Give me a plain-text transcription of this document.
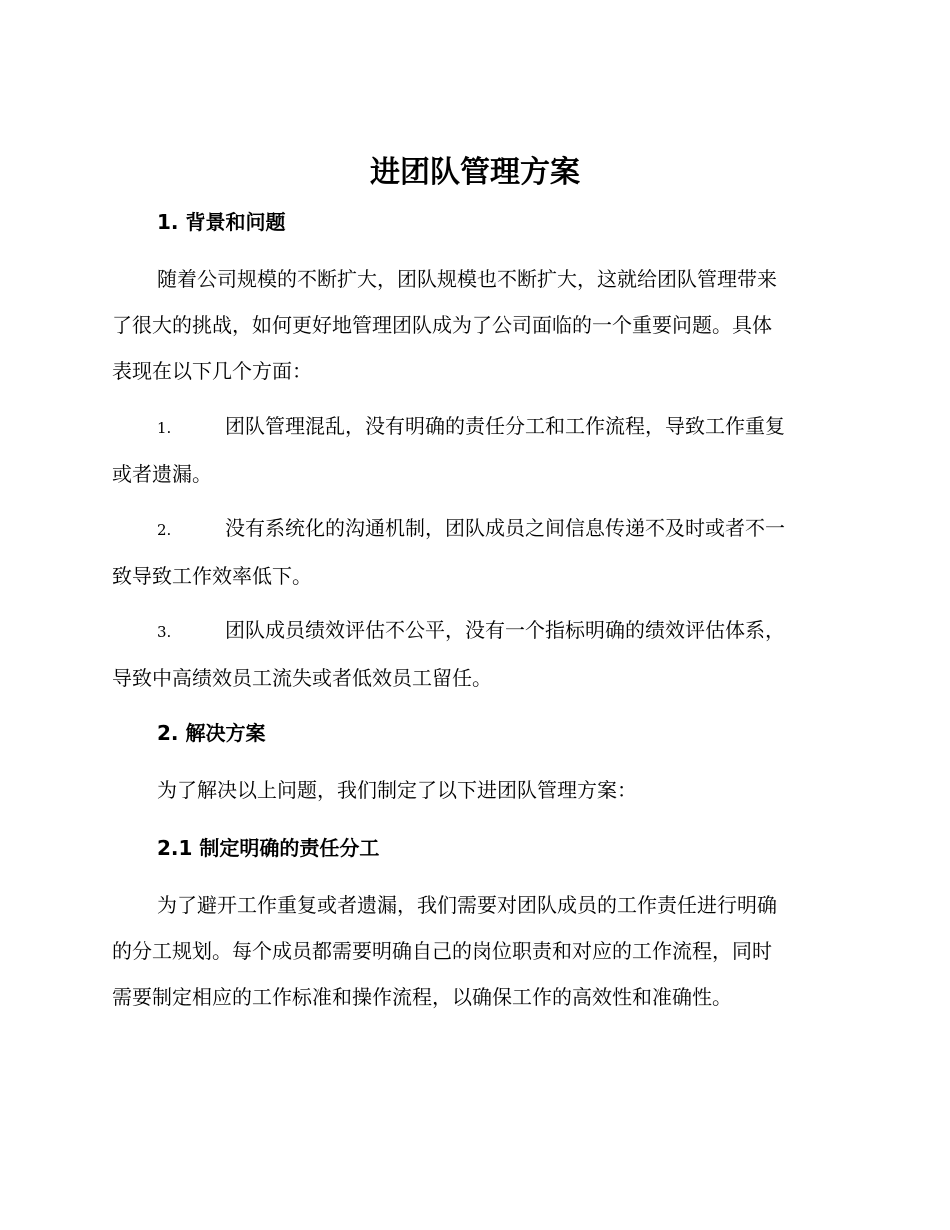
进团队管理方案
1. 背景和问题
随着公司规模的不断扩大，团队规模也不断扩大，这就给团队管理带来
了很大的挑战，如何更好地管理团队成为了公司面临的一个重要问题。具体
表现在以下几个方面：
1.	团队管理混乱，没有明确的责任分工和工作流程，导致工作重复
或者遗漏。
2.	没有系统化的沟通机制，团队成员之间信息传递不及时或者不一
致导致工作效率低下。
3.	团队成员绩效评估不公平，没有一个指标明确的绩效评估体系，
导致中高绩效员工流失或者低效员工留任。
2. 解决方案
为了解决以上问题，我们制定了以下进团队管理方案：
2.1 制定明确的责任分工
为了避开工作重复或者遗漏，我们需要对团队成员的工作责任进行明确
的分工规划。每个成员都需要明确自己的岗位职责和对应的工作流程，同时
需要制定相应的工作标准和操作流程，以确保工作的高效性和准确性。
